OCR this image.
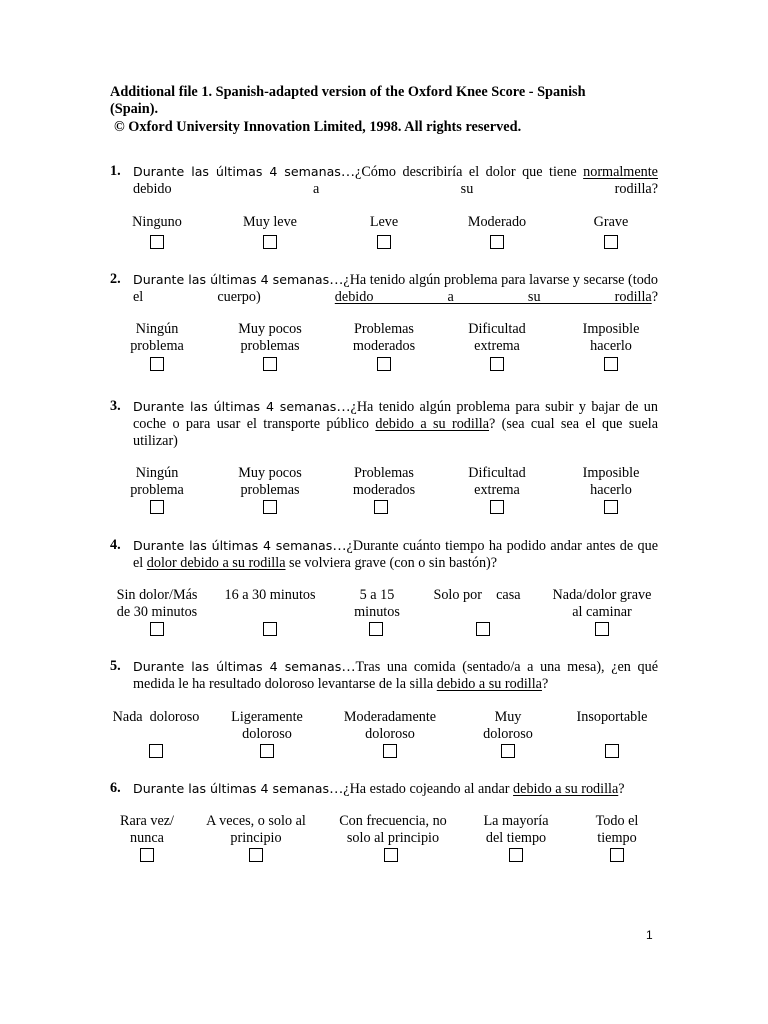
Additional file 1. Spanish-adapted version of the Oxford Knee Score - Spanish
(Spain).
© Oxford University Innovation Limited, 1998. All rights reserved.
1. Durante las últimas 4 semanas…¿Cómo describiría el dolor que tiene normalmente debido a su rodilla?
2. Durante las últimas 4 semanas…¿Ha tenido algún problema para lavarse y secarse (todo el cuerpo) debido a su rodilla?
3. Durante las últimas 4 semanas…¿Ha tenido algún problema para subir y bajar de un coche o para usar el transporte público debido a su rodilla? (sea cual sea el que suela utilizar)
4. Durante las últimas 4 semanas…¿Durante cuánto tiempo ha podido andar antes de que el dolor debido a su rodilla se volviera grave (con o sin bastón)?
5. Durante las últimas 4 semanas…Tras una comida (sentado/a a una mesa), ¿en qué medida le ha resultado doloroso levantarse de la silla debido a su rodilla?
6. Durante las últimas 4 semanas…¿Ha estado cojeando al andar debido a su rodilla?
1
Ninguno	Muy leve	Leve	Moderado	Grave
Ningún
problema
Muy pocos
problemas
Problemas
moderados
Dificultad
extrema
Imposible
hacerlo
Ningún
problema
Muy pocos
problemas
Problemas
moderados
Dificultad
extrema
Imposible
hacerlo
Sin dolor/Más
de 30 minutos
16 a 30 minutos	5 a 15
minutos
Solo por    casa	Nada/dolor grave
al caminar
Nada  doloroso	Ligeramente
doloroso
Moderadamente
doloroso
Muy
doloroso
Insoportable
Rara vez/
nunca
A veces, o solo al
principio
Con frecuencia, no
solo al principio
La mayoría
del tiempo
Todo el
tiempo
